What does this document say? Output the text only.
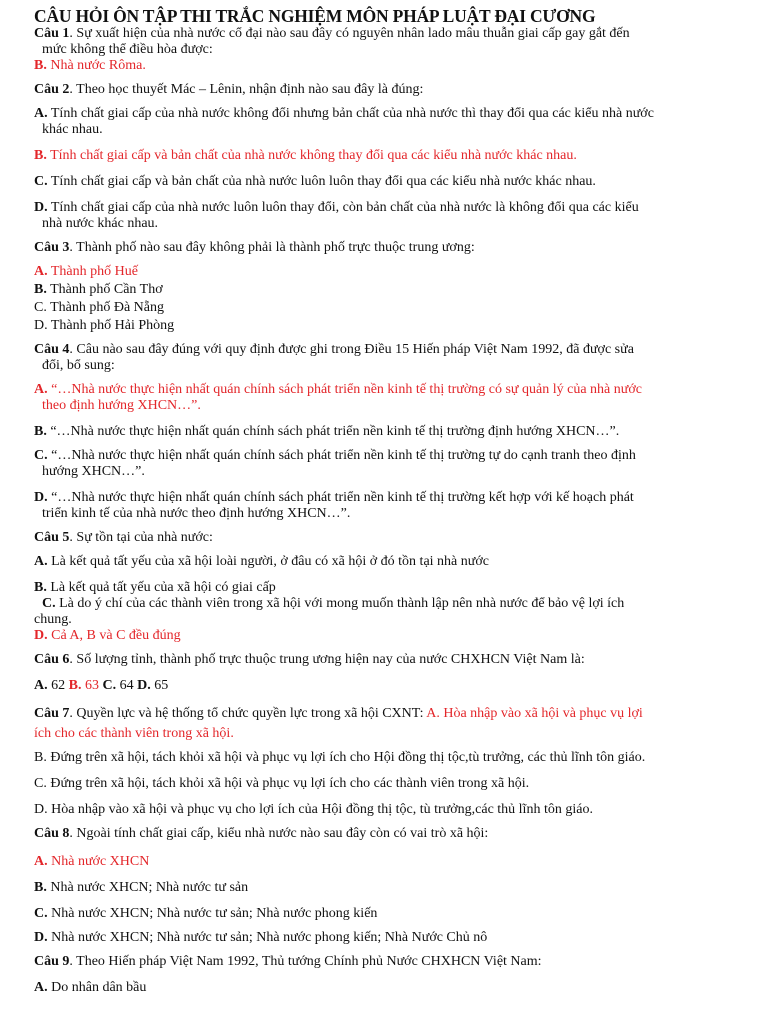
CÂU HỎI ÔN TẬP THI TRẮC NGHIỆM MÔN PHÁP LUẬT ĐẠI CƯƠNG

Câu 1. Sự xuất hiện của nhà nước cổ đại nào sau đây có nguyên nhân lado mâu thuẫn giai cấp gay gắt đến

mức không thể điều hòa được:

B. Nhà nước Rôma.

Câu 2. Theo học thuyết Mác – Lênin, nhận định nào sau đây là đúng:

A. Tính chất giai cấp của nhà nước không đổi nhưng bản chất của nhà nước thì thay đổi qua các kiểu nhà nước

khác nhau.

B. Tính chất giai cấp và bản chất của nhà nước không thay đổi qua các kiểu nhà nước khác nhau.

C. Tính chất giai cấp và bản chất của nhà nước luôn luôn thay đổi qua các kiểu nhà nước khác nhau.

D. Tính chất giai cấp của nhà nước luôn luôn thay đổi, còn bản chất của nhà nước là không đổi qua các kiểu

nhà nước khác nhau.

Câu 3. Thành phố nào sau đây không phải là thành phố trực thuộc trung ương:

A. Thành phố Huế

B. Thành phố Cần Thơ

C. Thành phố Đà Nẵng

D. Thành phố Hải Phòng

Câu 4. Câu nào sau đây đúng với quy định được ghi trong Điều 15 Hiến pháp Việt Nam 1992, đã được sửa

đổi, bổ sung:

A. “…Nhà nước thực hiện nhất quán chính sách phát triển nền kinh tế thị trường có sự quản lý của nhà nước

theo định hướng XHCN…”.

B. “…Nhà nước thực hiện nhất quán chính sách phát triển nền kinh tế thị trường định hướng XHCN…”.

C. “…Nhà nước thực hiện nhất quán chính sách phát triển nền kinh tế thị trường tự do cạnh tranh theo định

hướng XHCN…”.

D. “…Nhà nước thực hiện nhất quán chính sách phát triển nền kinh tế thị trường kết hợp với kế hoạch phát

triển kinh tế của nhà nước theo định hướng XHCN…”.

Câu 5. Sự tồn tại của nhà nước:

A. Là kết quả tất yếu của xã hội loài người, ở đâu có xã hội ở đó tồn tại nhà nước

B. Là kết quả tất yếu của xã hội có giai cấp

C. Là do ý chí của các thành viên trong xã hội với mong muốn thành lập nên nhà nước để bảo vệ lợi ích

chung.

D. Cả A, B và C đều đúng

Câu 6. Số lượng tỉnh, thành phố trực thuộc trung ương hiện nay của nước CHXHCN Việt Nam là:

A. 62 B. 63 C. 64 D. 65

Câu 7. Quyền lực và hệ thống tổ chức quyền lực trong xã hội CXNT: A. Hòa nhập vào xã hội và phục vụ lợi

ích cho các thành viên trong xã hội.

B. Đứng trên xã hội, tách khỏi xã hội và phục vụ lợi ích cho Hội đồng thị tộc,tù trưởng, các thủ lĩnh tôn giáo.

C. Đứng trên xã hội, tách khỏi xã hội và phục vụ lợi ích cho các thành viên trong xã hội.

D. Hòa nhập vào xã hội và phục vụ cho lợi ích của Hội đồng thị tộc, tù trưởng,các thủ lĩnh tôn giáo.

Câu 8. Ngoài tính chất giai cấp, kiểu nhà nước nào sau đây còn có vai trò xã hội:

A. Nhà nước XHCN

B. Nhà nước XHCN; Nhà nước tư sản

C. Nhà nước XHCN; Nhà nước tư sản; Nhà nước phong kiến

D. Nhà nước XHCN; Nhà nước tư sản; Nhà nước phong kiến; Nhà Nước Chủ nô

Câu 9. Theo Hiến pháp Việt Nam 1992, Thủ tướng Chính phủ Nước CHXHCN Việt Nam:

A. Do nhân dân bầu
